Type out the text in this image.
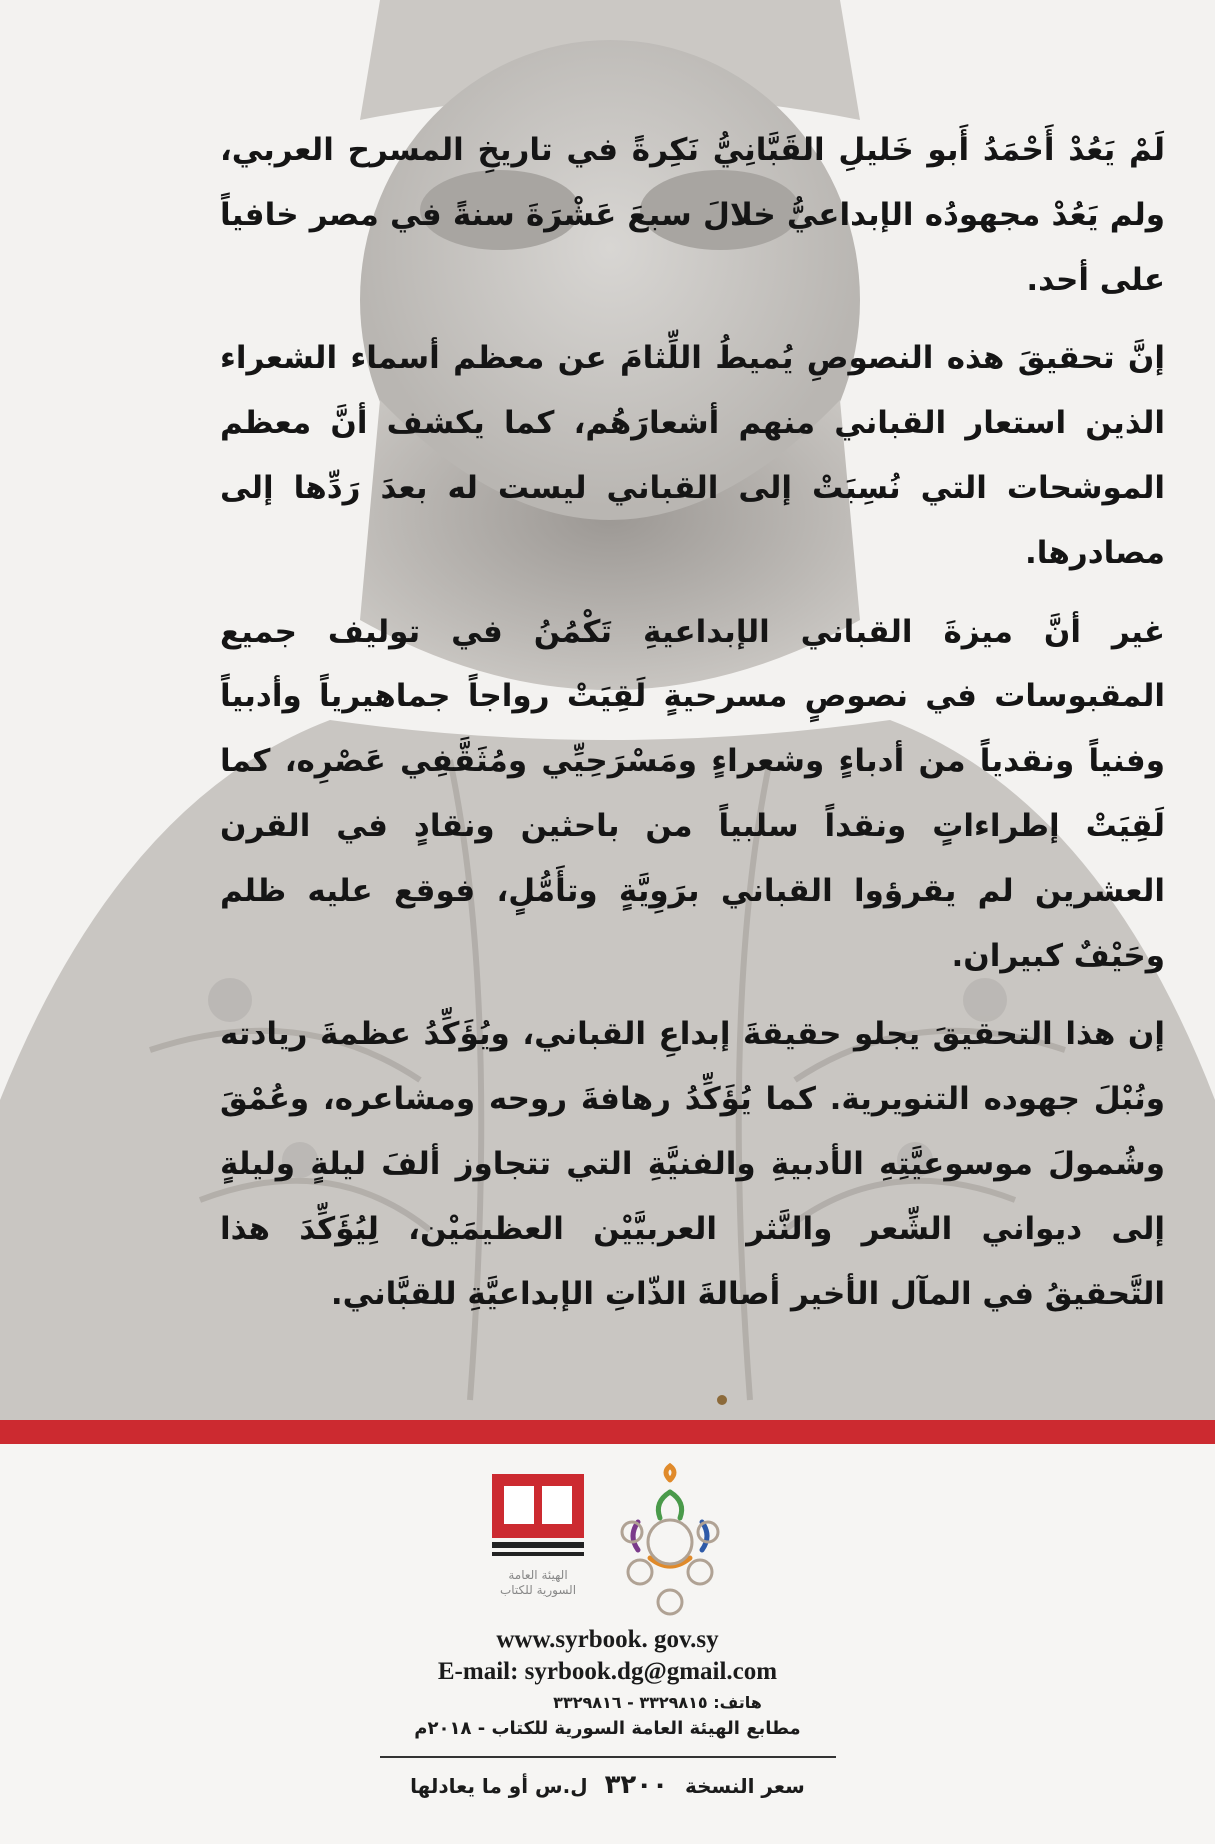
لَمْ يَعُدْ أَحْمَدُ أَبو خَليلِ القَبَّانِيُّ نَكِرةً في تاريخِ المسرح العربي، ولم يَعُدْ مجهودُه الإبداعيُّ خلالَ سبعَ عَشْرَةَ سنةً في مصر خافياً على أحد.

إنَّ تحقيقَ هذه النصوصِ يُميطُ اللِّثامَ عن معظم أسماء الشعراء الذين استعار القباني منهم أشعارَهُم، كما يكشف أنَّ معظم الموشحات التي نُسِبَتْ إلى القباني ليست له بعدَ رَدِّها إلى مصادرها.

غير أنَّ ميزةَ القباني الإبداعيةِ تَكْمُنُ في توليف جميع المقبوسات في نصوصٍ مسرحيةٍ لَقِيَتْ رواجاً جماهيرياً وأدبياً وفنياً ونقدياً من أدباءٍ وشعراءٍ ومَسْرَحِيِّي ومُثَقَّفِي عَصْرِه، كما لَقِيَتْ إطراءاتٍ ونقداً سلبياً من باحثين ونقادٍ في القرن العشرين لم يقرؤوا القباني برَوِيَّةٍ وتأَمُّلٍ، فوقع عليه ظلم وحَيْفٌ كبيران.

إن هذا التحقيقَ يجلو حقيقةَ إبداعِ القباني، ويُؤَكِّدُ عظمةَ ريادته ونُبْلَ جهوده التنويرية. كما يُؤَكِّدُ رهافةَ روحه ومشاعره، وعُمْقَ وشُمولَ موسوعيَّتِهِ الأدبيةِ والفنيَّةِ التي تتجاوز ألفَ ليلةٍ وليلةٍ إلى ديواني الشِّعر والنَّثر العربيَّيْن العظيمَيْن، لِيُؤَكِّدَ هذا التَّحقيقُ في المآل الأخير أصالةَ الذّاتِ الإبداعيَّةِ للقبَّاني.

الهيئة العامة
السورية للكتاب
www.syrbook. gov.sy
E-mail: syrbook.dg@gmail.com
هاتف: ٣٣٢٩٨١٥ - ٣٣٢٩٨١٦
مطابع الهيئة العامة السورية للكتاب - ٢٠١٨م
سعر النسخة ٣٢٠٠ ل.س أو ما يعادلها
